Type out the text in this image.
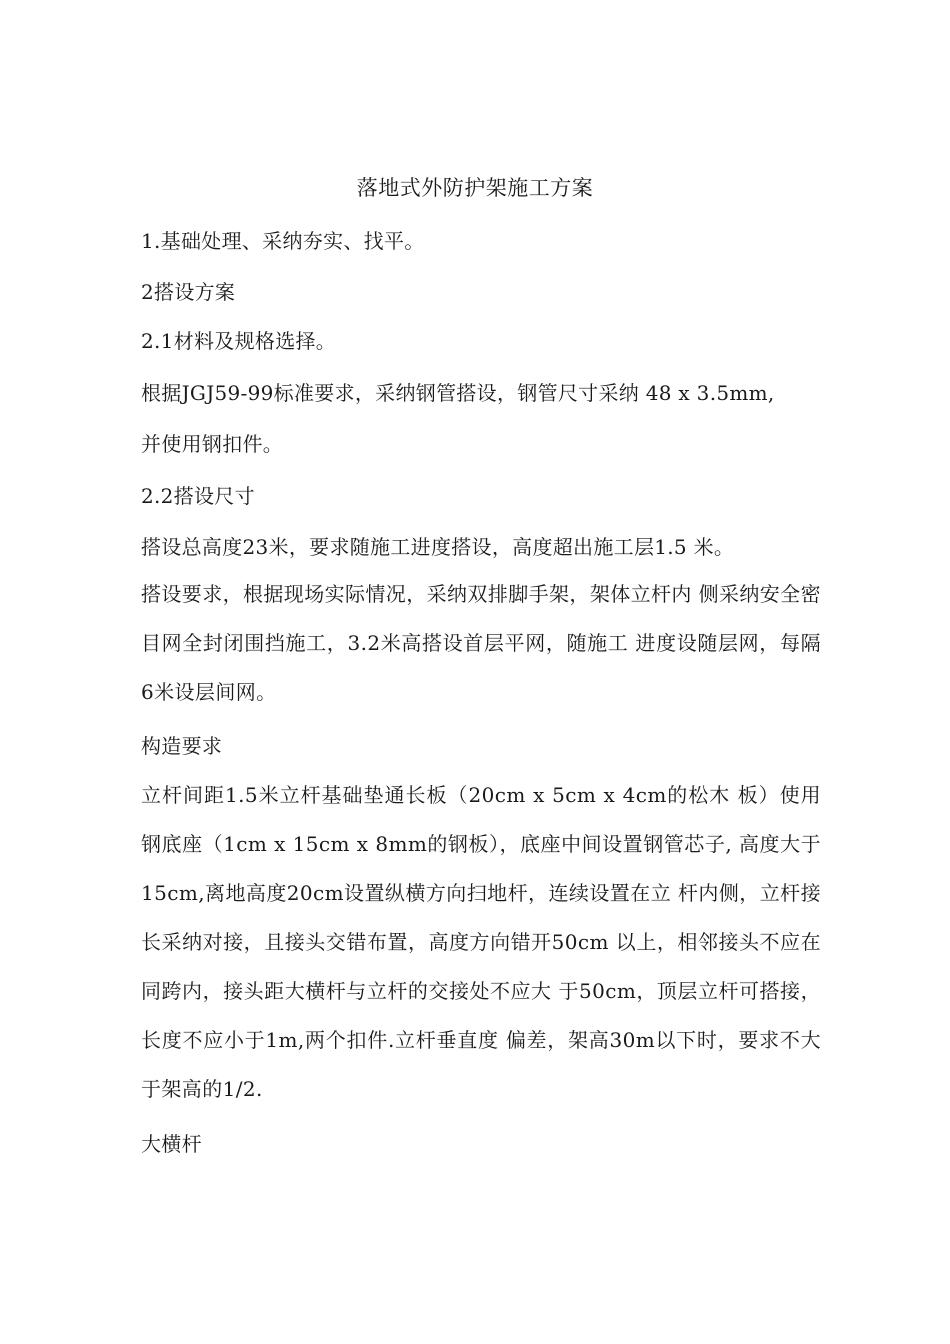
落地式外防护架施工方案
1.基础处理、采纳夯实、找平。
2搭设方案
2.1材料及规格选择。
根据JGJ59-99标准要求，采纳钢管搭设，钢管尺寸采纳 48 x 3.5mm,
并使用钢扣件。
2.2搭设尺寸
搭设总高度23米，要求随施工进度搭设，高度超出施工层1.5 米。
搭设要求，根据现场实际情况，采纳双排脚手架，架体立杆内 侧采纳安全密目网全封闭围挡施工，3.2米高搭设首层平网，随施工 进度设随层网，每隔6米设层间网。
构造要求
立杆间距1.5米立杆基础垫通长板（20cm x 5cm x 4cm的松木 板）使用钢底座（1cm x 15cm x 8mm的钢板），底座中间设置钢管芯子, 高度大于15cm,离地高度20cm设置纵横方向扫地杆，连续设置在立 杆内侧，立杆接长采纳对接，且接头交错布置，高度方向错开50cm 以上，相邻接头不应在同跨内，接头距大横杆与立杆的交接处不应大 于50cm，顶层立杆可搭接，长度不应小于1m,两个扣件.立杆垂直度 偏差，架高30m以下时，要求不大于架高的1/2.
大横杆
